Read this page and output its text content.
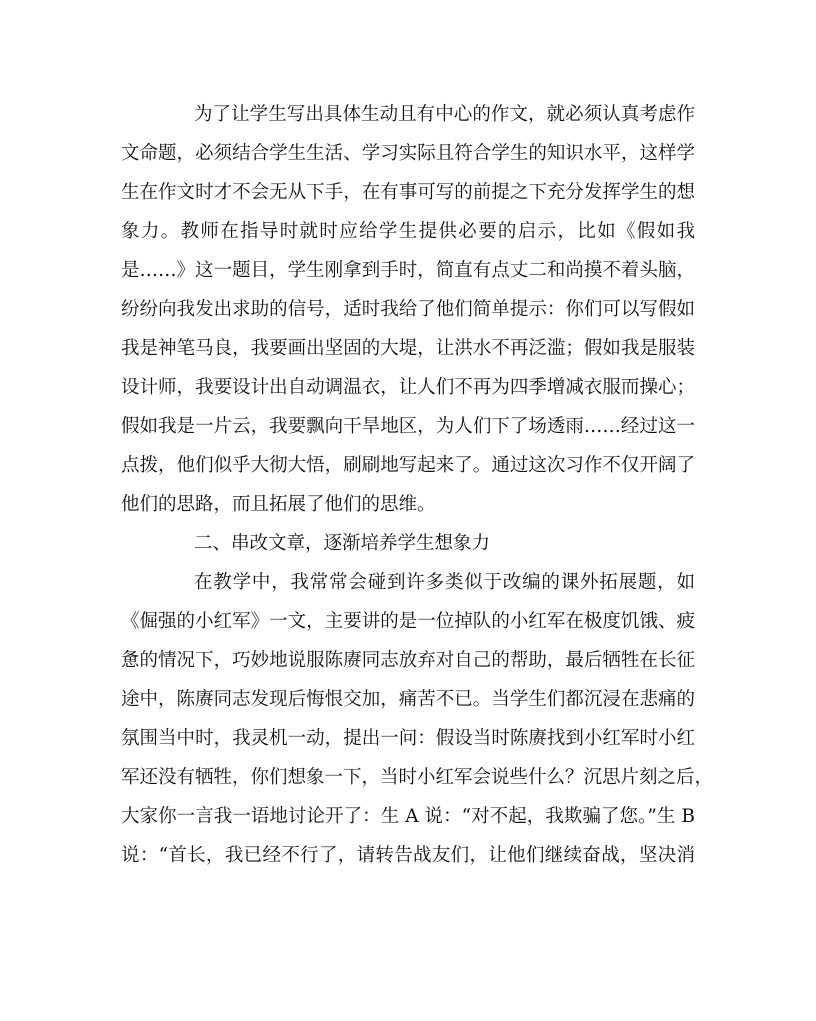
为了让学生写出具体生动且有中心的作文，就必须认真考虑作
文命题，必须结合学生生活、学习实际且符合学生的知识水平，这样学
生在作文时才不会无从下手，在有事可写的前提之下充分发挥学生的想
象力。教师在指导时就时应给学生提供必要的启示，比如《假如我
是……》这一题目，学生刚拿到手时，简直有点丈二和尚摸不着头脑，
纷纷向我发出求助的信号，适时我给了他们简单提示：你们可以写假如
我是神笔马良，我要画出坚固的大堤，让洪水不再泛滥；假如我是服装
设计师，我要设计出自动调温衣，让人们不再为四季增减衣服而操心；
假如我是一片云，我要飘向干旱地区，为人们下了场透雨……经过这一
点拨，他们似乎大彻大悟，刷刷地写起来了。通过这次习作不仅开阔了
他们的思路，而且拓展了他们的思维。
二、串改文章，逐渐培养学生想象力
在教学中，我常常会碰到许多类似于改编的课外拓展题，如
《倔强的小红军》一文，主要讲的是一位掉队的小红军在极度饥饿、疲
惫的情况下，巧妙地说服陈赓同志放弃对自己的帮助，最后牺牲在长征
途中，陈赓同志发现后悔恨交加，痛苦不已。当学生们都沉浸在悲痛的
氛围当中时，我灵机一动，提出一问：假设当时陈赓找到小红军时小红
军还没有牺牲，你们想象一下，当时小红军会说些什么？沉思片刻之后，
大家你一言我一语地讨论开了：生 A 说：“对不起，我欺骗了您。”生 B
说：“首长，我已经不行了，请转告战友们，让他们继续奋战，坚决消
